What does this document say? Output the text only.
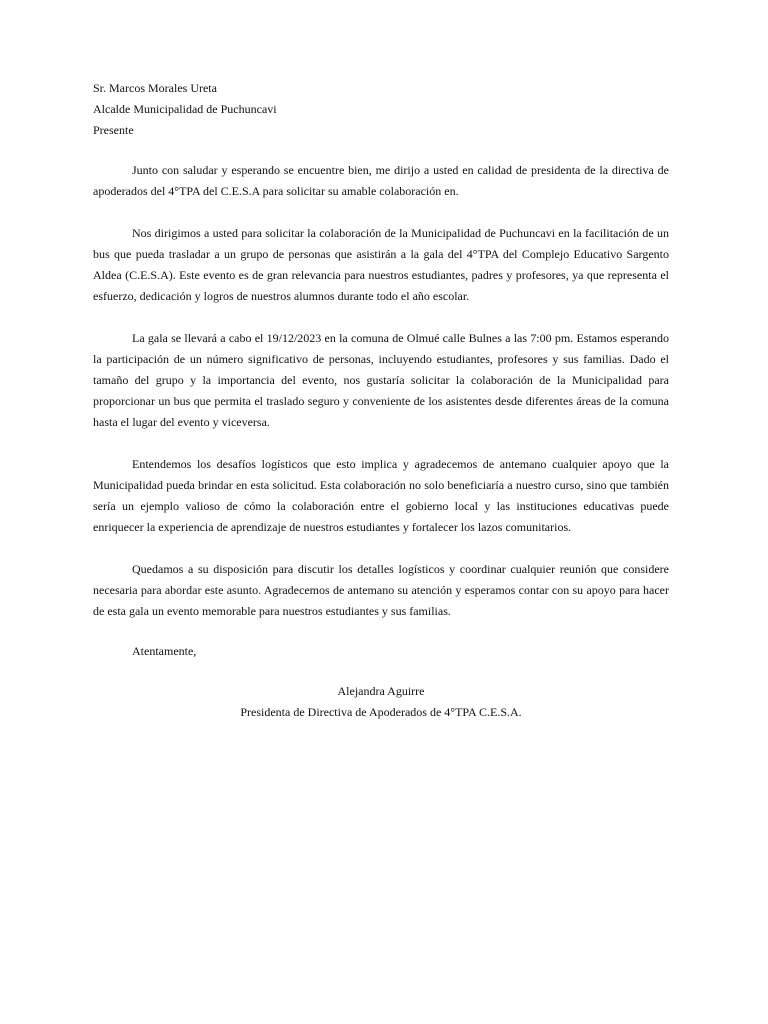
Sr. Marcos Morales Ureta
Alcalde Municipalidad de Puchuncavi
Presente

Junto con saludar y esperando se encuentre bien, me dirijo a usted en calidad de presidenta de la directiva de apoderados del 4°TPA del C.E.S.A para solicitar su amable colaboración en.

Nos dirigimos a usted para solicitar la colaboración de la Municipalidad de Puchuncavi en la facilitación de un bus que pueda trasladar a un grupo de personas que asistirán a la gala del 4°TPA del Complejo Educativo Sargento Aldea (C.E.S.A). Este evento es de gran relevancia para nuestros estudiantes, padres y profesores, ya que representa el esfuerzo, dedicación y logros de nuestros alumnos durante todo el año escolar.

La gala se llevará a cabo el 19/12/2023 en la comuna de Olmué calle Bulnes a las 7:00 pm. Estamos esperando la participación de un número significativo de personas, incluyendo estudiantes, profesores y sus familias. Dado el tamaño del grupo y la importancia del evento, nos gustaría solicitar la colaboración de la Municipalidad para proporcionar un bus que permita el traslado seguro y conveniente de los asistentes desde diferentes áreas de la comuna hasta el lugar del evento y viceversa.

Entendemos los desafíos logísticos que esto implica y agradecemos de antemano cualquier apoyo que la Municipalidad pueda brindar en esta solicitud. Esta colaboración no solo beneficiaría a nuestro curso, sino que también sería un ejemplo valioso de cómo la colaboración entre el gobierno local y las instituciones educativas puede enriquecer la experiencia de aprendizaje de nuestros estudiantes y fortalecer los lazos comunitarios.

Quedamos a su disposición para discutir los detalles logísticos y coordinar cualquier reunión que considere necesaria para abordar este asunto. Agradecemos de antemano su atención y esperamos contar con su apoyo para hacer de esta gala un evento memorable para nuestros estudiantes y sus familias.

Atentamente,
Alejandra Aguirre
Presidenta de Directiva de Apoderados de 4°TPA C.E.S.A.
